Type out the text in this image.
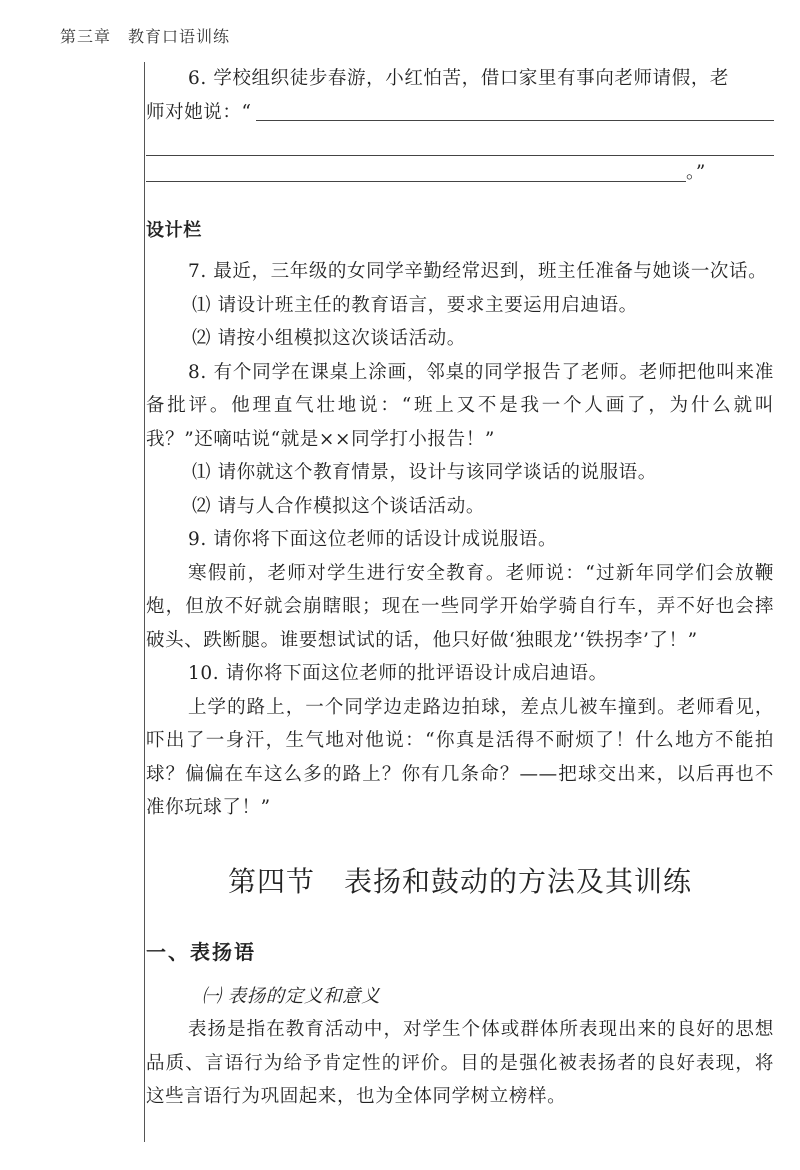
第三章　教育口语训练

6. 学校组织徒步春游，小红怕苦，借口家里有事向老师请假，老

师对她说：“
。”
设计栏

7. 最近，三年级的女同学辛勤经常迟到，班主任准备与她谈一次话。

⑴ 请设计班主任的教育语言，要求主要运用启迪语。

⑵ 请按小组模拟这次谈话活动。

8. 有个同学在课桌上涂画，邻桌的同学报告了老师。老师把他叫来准备批评。他理直气壮地说：“班上又不是我一个人画了，为什么就叫我？”还嘀咕说“就是××同学打小报告！”

⑴ 请你就这个教育情景，设计与该同学谈话的说服语。

⑵ 请与人合作模拟这个谈话活动。

9. 请你将下面这位老师的话设计成说服语。

寒假前，老师对学生进行安全教育。老师说：“过新年同学们会放鞭炮，但放不好就会崩瞎眼；现在一些同学开始学骑自行车，弄不好也会摔破头、跌断腿。谁要想试试的话，他只好做‘独眼龙’‘铁拐李’了！”

10. 请你将下面这位老师的批评语设计成启迪语。

上学的路上，一个同学边走路边拍球，差点儿被车撞到。老师看见，吓出了一身汗，生气地对他说：“你真是活得不耐烦了！什么地方不能拍球？偏偏在车这么多的路上？你有几条命？——把球交出来，以后再也不准你玩球了！”

第四节　表扬和鼓动的方法及其训练
一、表扬语

㈠ 表扬的定义和意义

表扬是指在教育活动中，对学生个体或群体所表现出来的良好的思想品质、言语行为给予肯定性的评价。目的是强化被表扬者的良好表现，将这些言语行为巩固起来，也为全体同学树立榜样。
